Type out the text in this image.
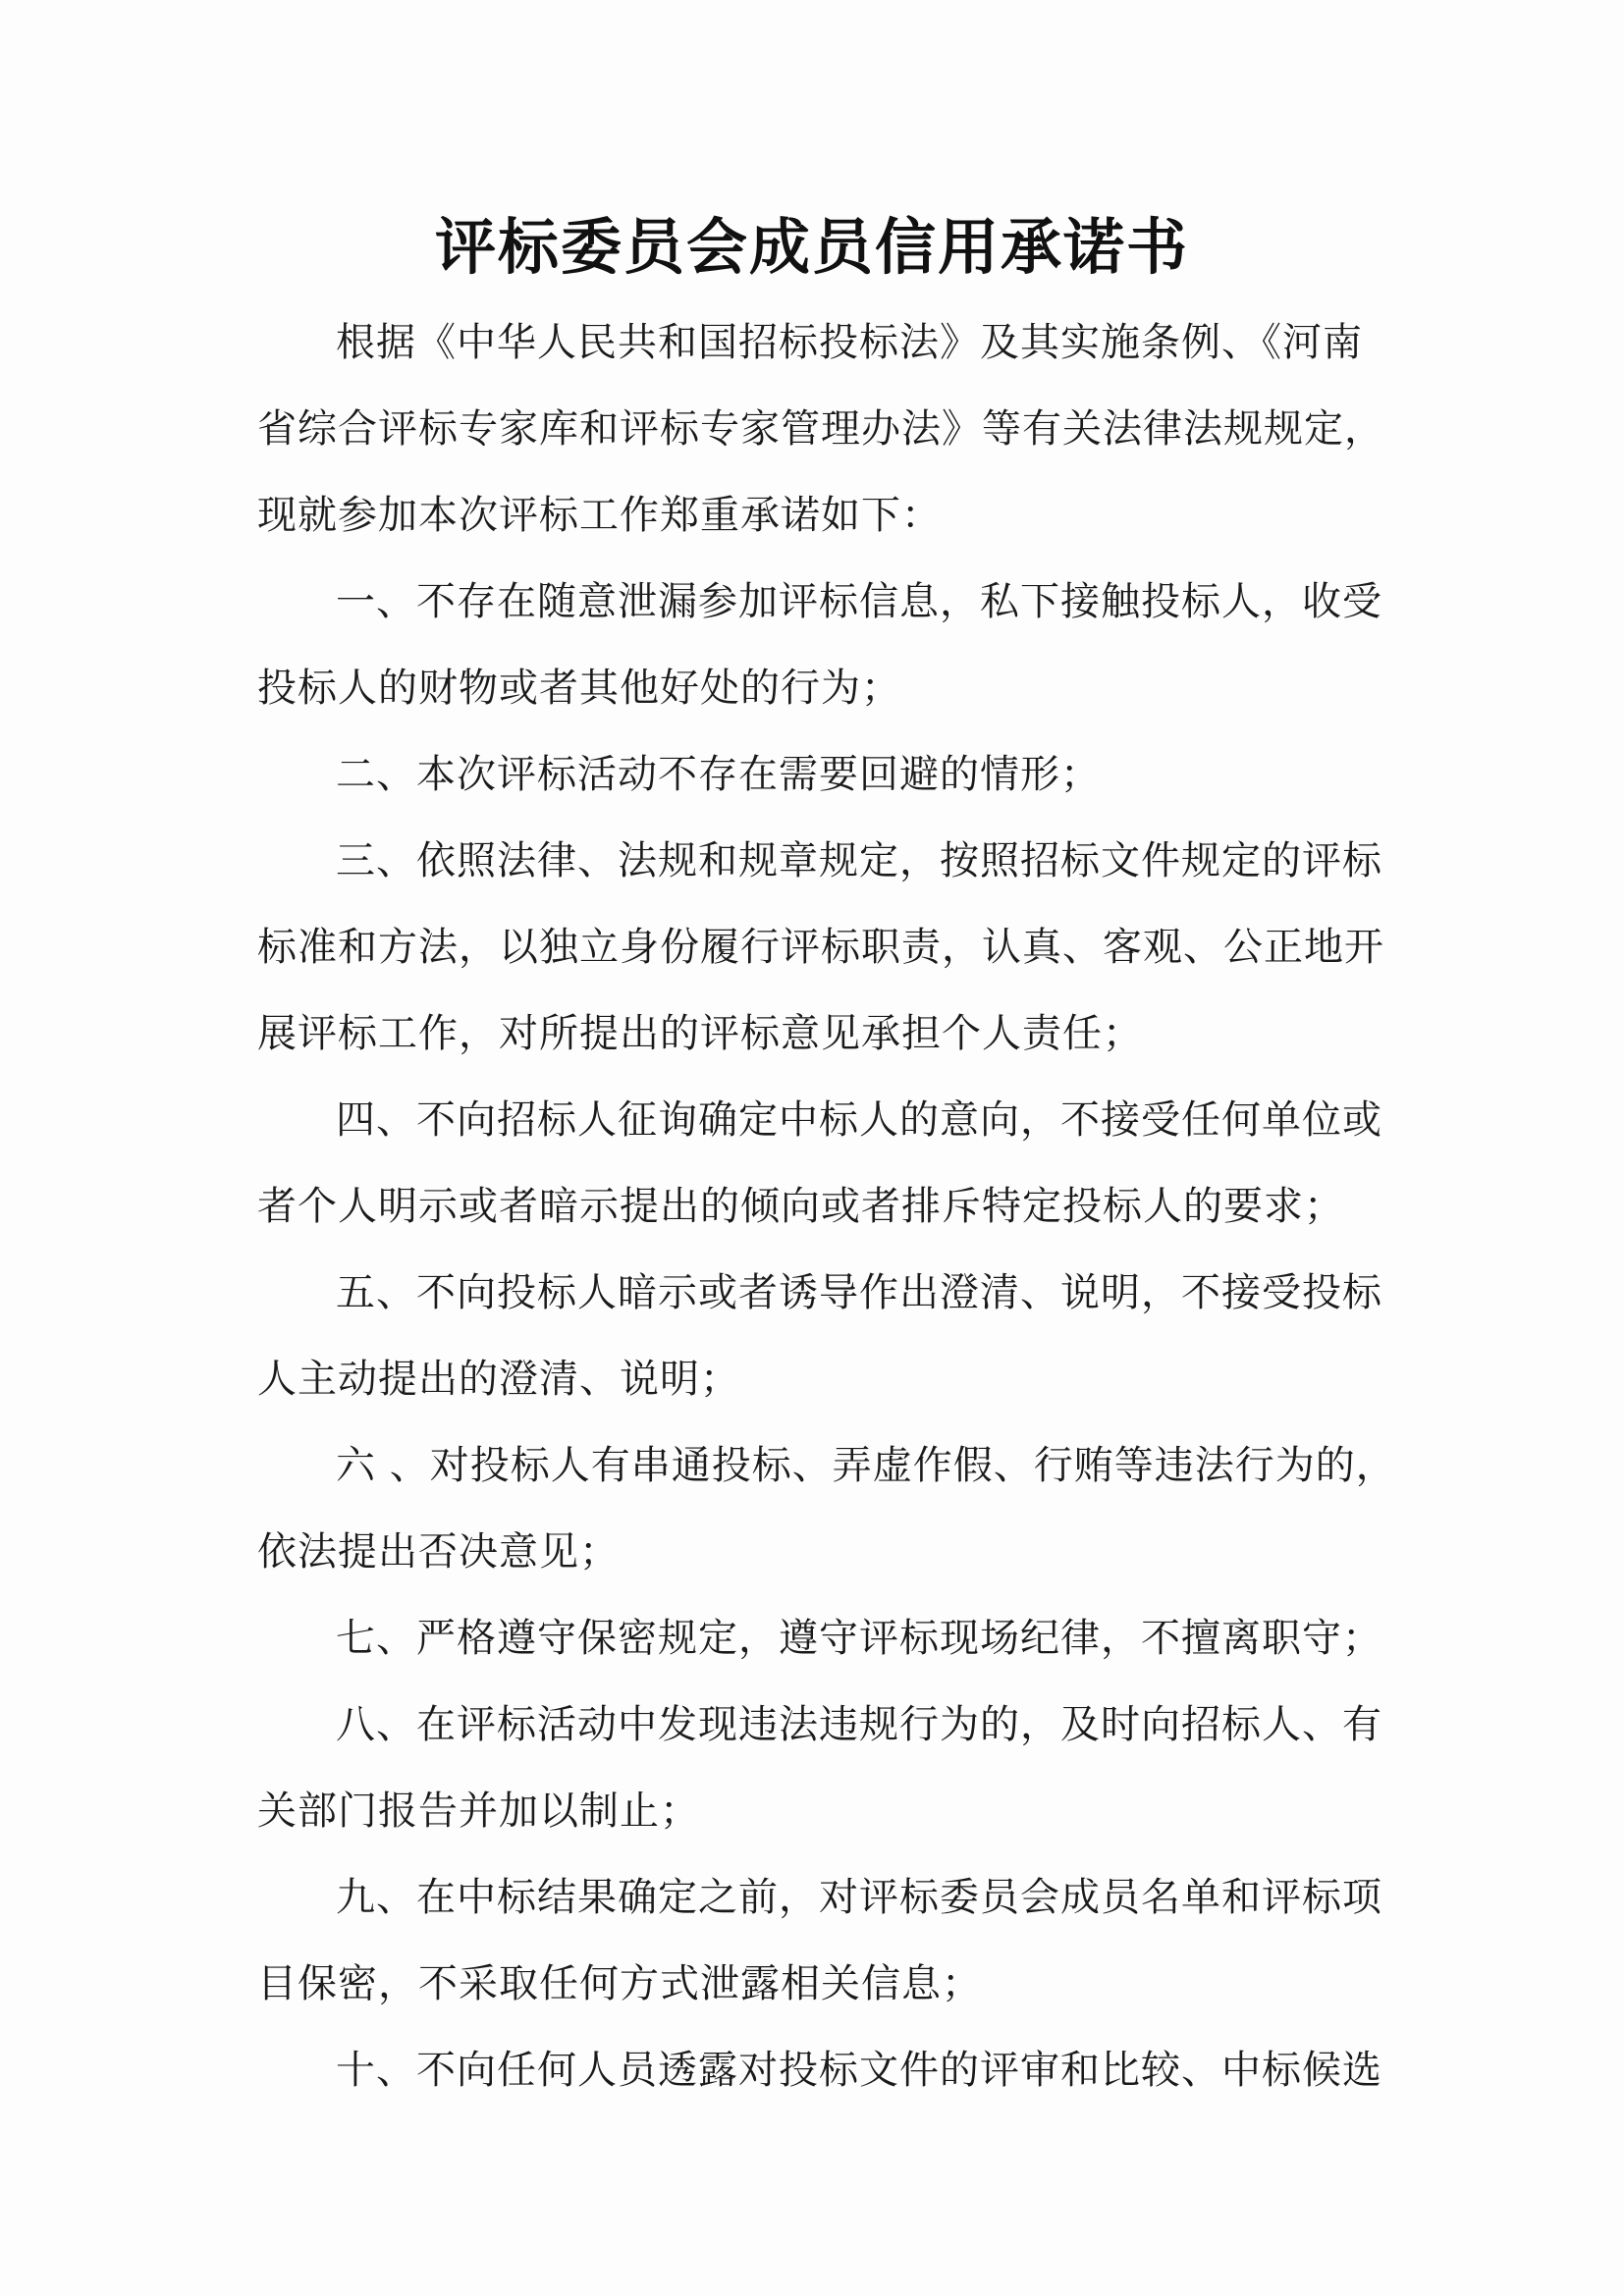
评标委员会成员信用承诺书

根据《中华人民共和国招标投标法》及其实施条例、《河南省综合评标专家库和评标专家管理办法》等有关法律法规规定，现就参加本次评标工作郑重承诺如下：

一、不存在随意泄漏参加评标信息，私下接触投标人，收受投标人的财物或者其他好处的行为；

二、本次评标活动不存在需要回避的情形；

三、依照法律、法规和规章规定，按照招标文件规定的评标标准和方法，以独立身份履行评标职责，认真、客观、公正地开展评标工作，对所提出的评标意见承担个人责任；

四、不向招标人征询确定中标人的意向，不接受任何单位或者个人明示或者暗示提出的倾向或者排斥特定投标人的要求；

五、不向投标人暗示或者诱导作出澄清、说明，不接受投标人主动提出的澄清、说明；

六 、对投标人有串通投标、弄虚作假、行贿等违法行为的，依法提出否决意见；

七、严格遵守保密规定，遵守评标现场纪律，不擅离职守；

八、在评标活动中发现违法违规行为的，及时向招标人、有关部门报告并加以制止；

九、在中标结果确定之前，对评标委员会成员名单和评标项目保密，不采取任何方式泄露相关信息；

十、不向任何人员透露对投标文件的评审和比较、中标候选
